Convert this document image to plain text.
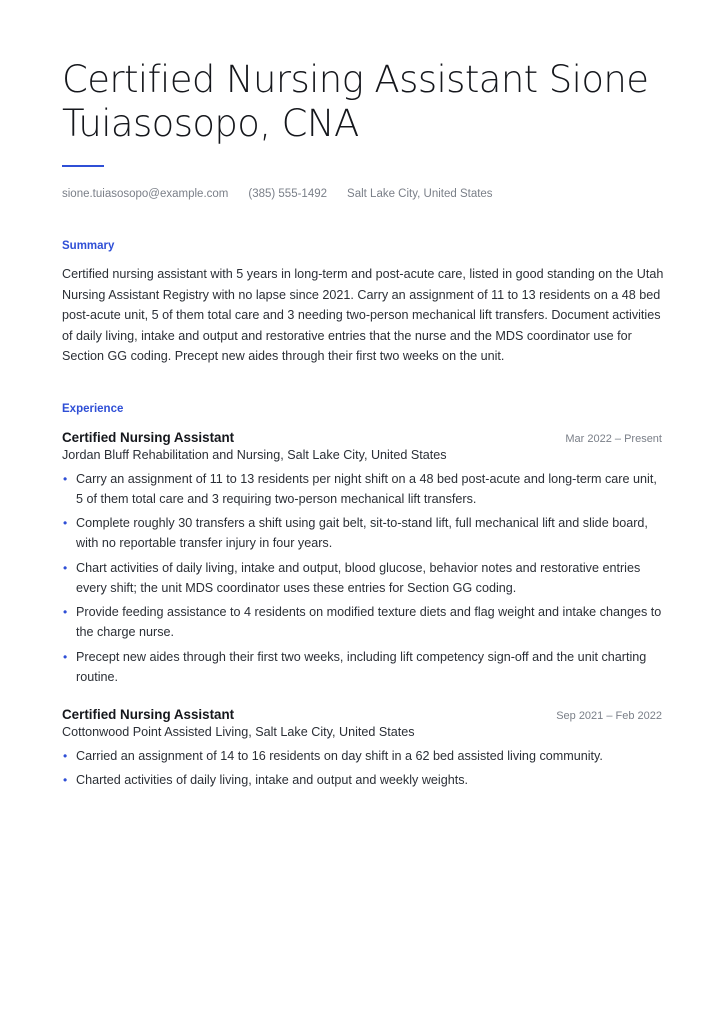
Certified Nursing Assistant Sione Tuiasosopo, CNA
sione.tuiasosopo@example.com (385) 555-1492 Salt Lake City, United States
Summary

Certified nursing assistant with 5 years in long-term and post-acute care, listed in good standing on the Utah Nursing Assistant Registry with no lapse since 2021. Carry an assignment of 11 to 13 residents on a 48 bed post-acute unit, 5 of them total care and 3 needing two-person mechanical lift transfers. Document activities of daily living, intake and output and restorative entries that the nurse and the MDS coordinator use for Section GG coding. Precept new aides through their first two weeks on the unit.

Experience
Certified Nursing Assistant	Mar 2022 – Present
Jordan Bluff Rehabilitation and Nursing, Salt Lake City, United States
• Carry an assignment of 11 to 13 residents per night shift on a 48 bed post-acute and long-term care unit, 5 of them total care and 3 requiring two-person mechanical lift transfers.
• Complete roughly 30 transfers a shift using gait belt, sit-to-stand lift, full mechanical lift and slide board, with no reportable transfer injury in four years.
• Chart activities of daily living, intake and output, blood glucose, behavior notes and restorative entries every shift; the unit MDS coordinator uses these entries for Section GG coding.
• Provide feeding assistance to 4 residents on modified texture diets and flag weight and intake changes to the charge nurse.
• Precept new aides through their first two weeks, including lift competency sign-off and the unit charting routine.
Certified Nursing Assistant	Sep 2021 – Feb 2022
Cottonwood Point Assisted Living, Salt Lake City, United States
• Carried an assignment of 14 to 16 residents on day shift in a 62 bed assisted living community.
• Charted activities of daily living, intake and output and weekly weights.
